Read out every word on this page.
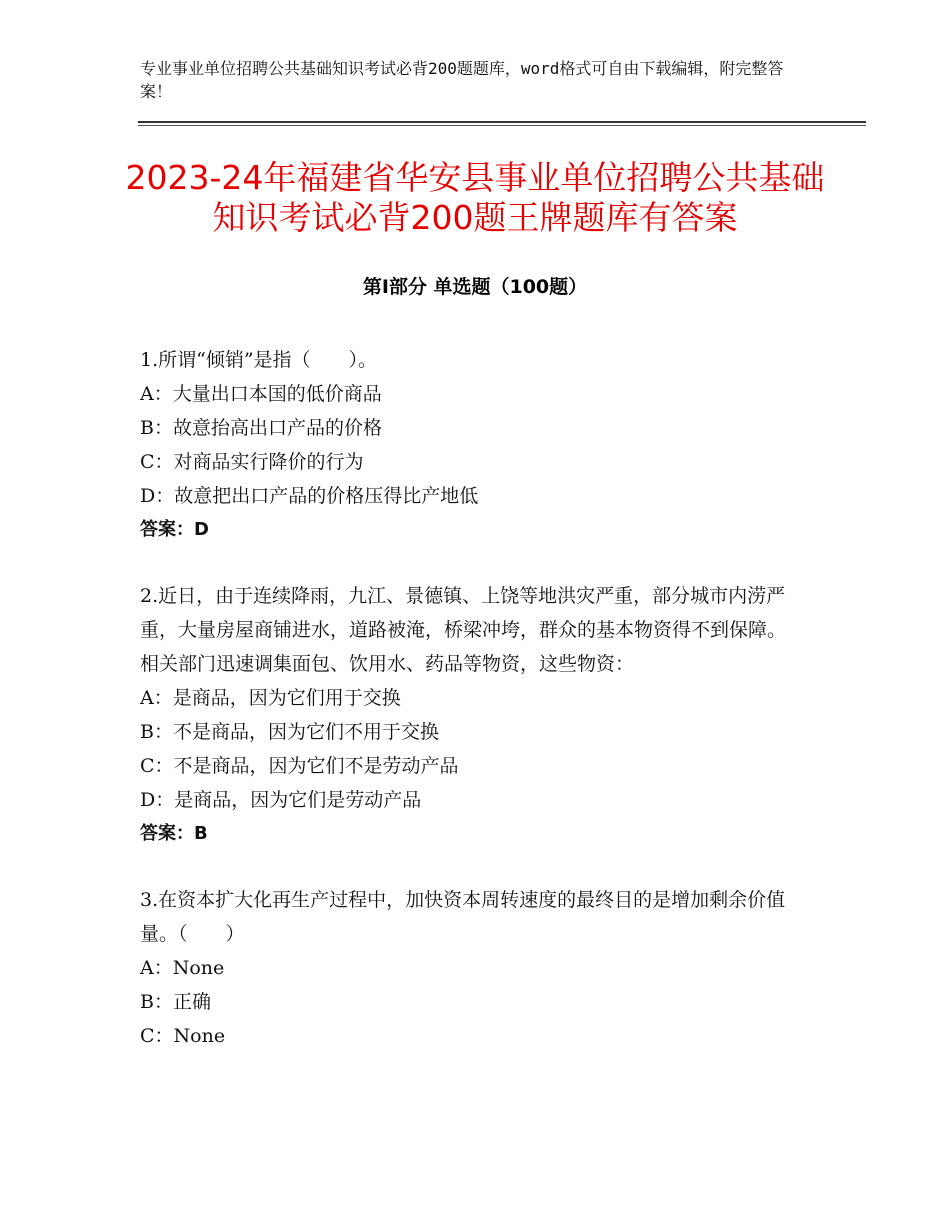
专业事业单位招聘公共基础知识考试必背200题题库，word格式可自由下载编辑，附完整答案！
2023-24年福建省华安县事业单位招聘公共基础知识考试必背200题王牌题库有答案
第Ⅰ部分 单选题（100题）
1.所谓“倾销”是指（　　）。
A：大量出口本国的低价商品
B：故意抬高出口产品的价格
C：对商品实行降价的行为
D：故意把出口产品的价格压得比产地低
答案：D
2.近日，由于连续降雨，九江、景德镇、上饶等地洪灾严重，部分城市内涝严重，大量房屋商铺进水，道路被淹，桥梁冲垮，群众的基本物资得不到保障。相关部门迅速调集面包、饮用水、药品等物资，这些物资：
A：是商品，因为它们用于交换
B：不是商品，因为它们不用于交换
C：不是商品，因为它们不是劳动产品
D：是商品，因为它们是劳动产品
答案：B
3.在资本扩大化再生产过程中，加快资本周转速度的最终目的是增加剩余价值量。（　　）
A：None
B：正确
C：None
